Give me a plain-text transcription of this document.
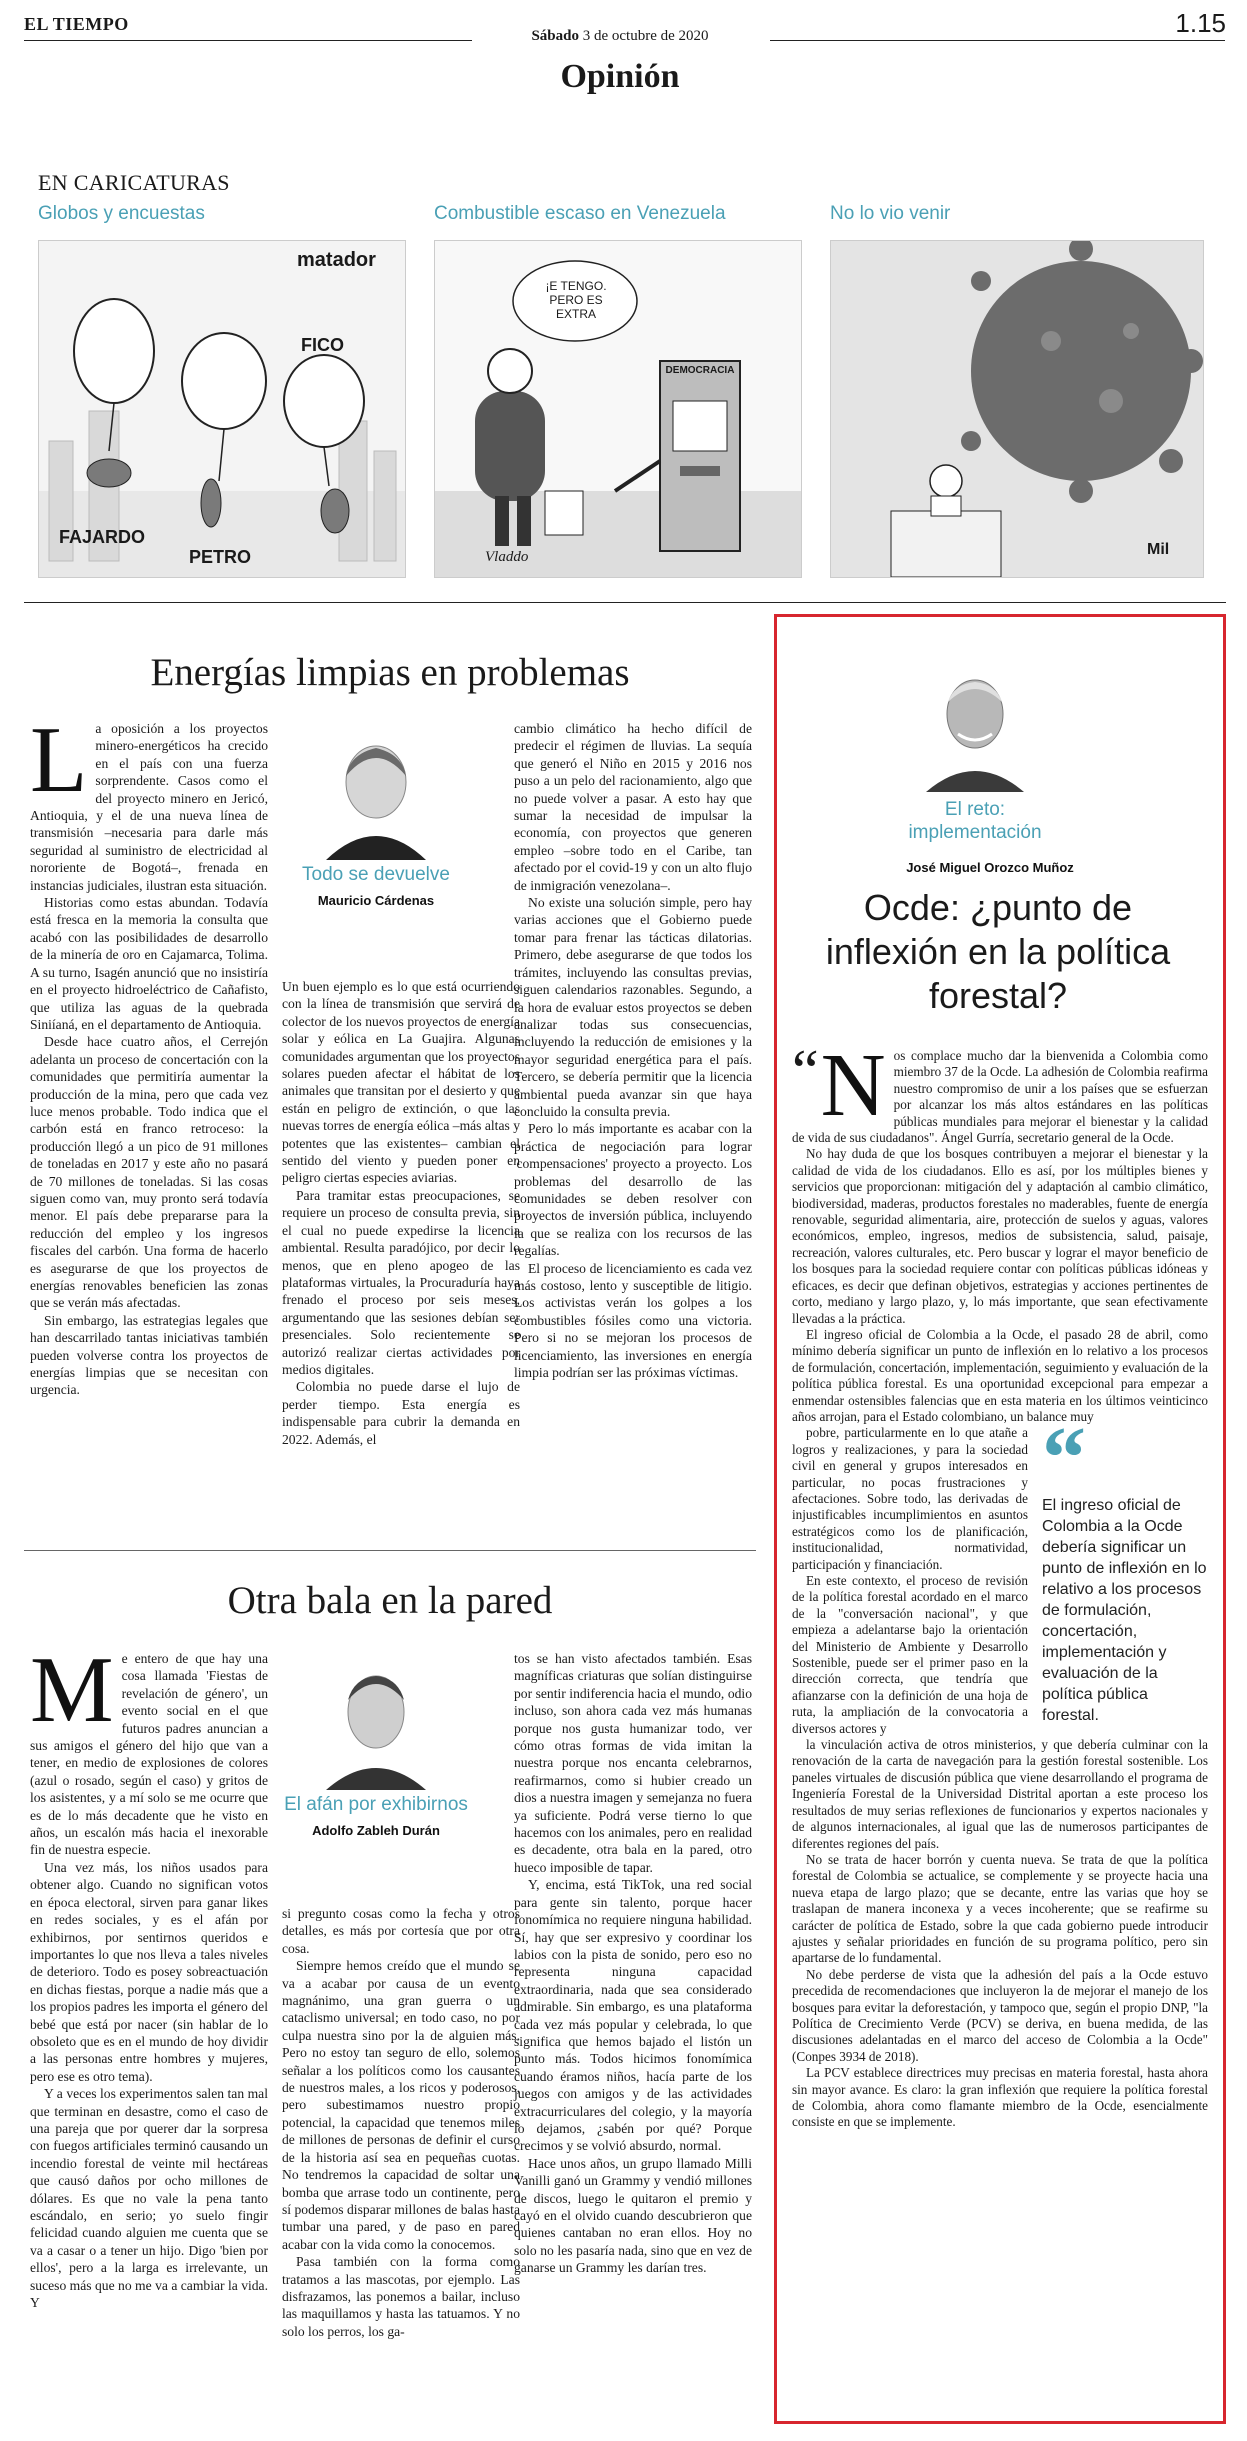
EL TIEMPO
Sábado 3 de octubre de 2020	1.15
Opinión
EN CARICATURAS
Globos y encuestas	Combustible escaso en Venezuela	No lo vio venir
matador
FICO
FAJARDO
PETRO
¡E TENGO. PERO ES EXTRA
DEMOCRACIA
Vladdo	Mil
Energías limpias en problemas
L a oposición a los proyectos minero-energéticos ha crecido en el país con una fuerza sorprendente. Casos como el del proyecto minero en Jericó, Antioquia, y el de una nueva línea de transmisión –necesaria para darle más seguridad al suministro de electricidad al nororiente de Bogotá–, frenada en instancias judiciales, ilustran esta situación.

Historias como estas abundan. Todavía está fresca en la memoria la consulta que acabó con las posibilidades de desarrollo de la minería de oro en Cajamarca, Tolima. A su turno, Isagén anunció que no insistiría en el proyecto hidroeléctrico de Cañafisto, que utiliza las aguas de la quebrada Siniíaná, en el departamento de Antioquia.

Desde hace cuatro años, el Cerrejón adelanta un proceso de concertación con la comunidades que permitiría aumentar la producción de la mina, pero que cada vez luce menos probable. Todo indica que el carbón está en franco retroceso: la producción llegó a un pico de 91 millones de toneladas en 2017 y este año no pasará de 70 millones de toneladas. Si las cosas siguen como van, muy pronto será todavía menor. El país debe prepararse para la reducción del empleo y los ingresos fiscales del carbón. Una forma de hacerlo es asegurarse de que los proyectos de energías renovables beneficien las zonas que se verán más afectadas.

Sin embargo, las estrategias legales que han descarrilado tantas iniciativas también pueden volverse contra los proyectos de energías limpias que se necesitan con urgencia.

Todo se devuelve
Mauricio Cárdenas

Un buen ejemplo es lo que está ocurriendo con la línea de transmisión que servirá de colector de los nuevos proyectos de energía solar y eólica en La Guajira. Algunas comunidades argumentan que los proyectos solares pueden afectar el hábitat de los animales que transitan por el desierto y que están en peligro de extinción, o que las nuevas torres de energía eólica –más altas y potentes que las existentes– cambian el sentido del viento y pueden poner en peligro ciertas especies aviarias.

Para tramitar estas preocupaciones, se requiere un proceso de consulta previa, sin el cual no puede expedirse la licencia ambiental. Resulta paradójico, por decir lo menos, que en pleno apogeo de las plataformas virtuales, la Procuraduría haya frenado el proceso por seis meses, argumentando que las sesiones debían ser presenciales. Solo recientemente se autorizó realizar ciertas actividades por medios digitales.

Colombia no puede darse el lujo de perder tiempo. Esta energía es indispensable para cubrir la demanda en 2022. Además, el

cambio climático ha hecho difícil de predecir el régimen de lluvias. La sequía que generó el Niño en 2015 y 2016 nos puso a un pelo del racionamiento, algo que no puede volver a pasar. A esto hay que sumar la necesidad de impulsar la economía, con proyectos que generen empleo –sobre todo en el Caribe, tan afectado por el covid-19 y con un alto flujo de inmigración venezolana–.

No existe una solución simple, pero hay varias acciones que el Gobierno puede tomar para frenar las tácticas dilatorias. Primero, debe asegurarse de que todos los trámites, incluyendo las consultas previas, siguen calendarios razonables. Segundo, a la hora de evaluar estos proyectos se deben analizar todas sus consecuencias, incluyendo la reducción de emisiones y la mayor seguridad energética para el país. Tercero, se debería permitir que la licencia ambiental pueda avanzar sin que haya concluido la consulta previa.

Pero lo más importante es acabar con la práctica de negociación para lograr 'compensaciones' proyecto a proyecto. Los problemas del desarrollo de las comunidades se deben resolver con proyectos de inversión pública, incluyendo la que se realiza con los recursos de las regalías.

El proceso de licenciamiento es cada vez más costoso, lento y susceptible de litigio. Los activistas verán los golpes a los combustibles fósiles como una victoria. Pero si no se mejoran los procesos de licenciamiento, las inversiones en energía limpia podrían ser las próximas víctimas.

Otra bala en la pared
M e entero de que hay una cosa llamada 'Fiestas de revelación de género', un evento social en el que futuros padres anuncian a sus amigos el género del hijo que van a tener, en medio de explosiones de colores (azul o rosado, según el caso) y gritos de los asistentes, y a mí solo se me ocurre que es de lo más decadente que he visto en años, un escalón más hacia el inexorable fin de nuestra especie.

Una vez más, los niños usados para obtener algo. Cuando no significan votos en época electoral, sirven para ganar likes en redes sociales, y es el afán por exhibirnos, por sentirnos queridos e importantes lo que nos lleva a tales niveles de deterioro. Todo es posey sobreactuación en dichas fiestas, porque a nadie más que a los propios padres les importa el género del bebé que está por nacer (sin hablar de lo obsoleto que es en el mundo de hoy dividir a las personas entre hombres y mujeres, pero ese es otro tema).

Y a veces los experimentos salen tan mal que terminan en desastre, como el caso de una pareja que por querer dar la sorpresa con fuegos artificiales terminó causando un incendio forestal de veinte mil hectáreas que causó daños por ocho millones de dólares. Es que no vale la pena tanto escándalo, en serio; yo suelo fingir felicidad cuando alguien me cuenta que se va a casar o a tener un hijo. Digo 'bien por ellos', pero a la larga es irrelevante, un suceso más que no me va a cambiar la vida. Y

El afán por exhibirnos
Adolfo Zableh Durán

si pregunto cosas como la fecha y otros detalles, es más por cortesía que por otra cosa.

Siempre hemos creído que el mundo se va a acabar por causa de un evento magnánimo, una gran guerra o un cataclismo universal; en todo caso, no por culpa nuestra sino por la de alguien más. Pero no estoy tan seguro de ello, solemos señalar a los políticos como los causantes de nuestros males, a los ricos y poderosos, pero subestimamos nuestro propio potencial, la capacidad que tenemos miles de millones de personas de definir el curso de la historia así sea en pequeñas cuotas. No tendremos la capacidad de soltar una bomba que arrase todo un continente, pero sí podemos disparar millones de balas hasta tumbar una pared, y de paso en pared acabar con la vida como la conocemos.

Pasa también con la forma como tratamos a las mascotas, por ejemplo. Las disfrazamos, las ponemos a bailar, incluso las maquillamos y hasta las tatuamos. Y no solo los perros, los ga-

tos se han visto afectados también. Esas magníficas criaturas que solían distinguirse por sentir indiferencia hacia el mundo, odio incluso, son ahora cada vez más humanas porque nos gusta humanizar todo, ver cómo otras formas de vida imitan la nuestra porque nos encanta celebrarnos, reafirmarnos, como si hubier creado un dios a nuestra imagen y semejanza no fuera ya suficiente. Podrá verse tierno lo que hacemos con los animales, pero en realidad es decadente, otra bala en la pared, otro hueco imposible de tapar.

Y, encima, está TikTok, una red social para gente sin talento, porque hacer fonomímica no requiere ninguna habilidad. Sí, hay que ser expresivo y coordinar los labios con la pista de sonido, pero eso no representa ninguna capacidad extraordinaria, nada que sea considerado admirable. Sin embargo, es una plataforma cada vez más popular y celebrada, lo que significa que hemos bajado el listón un punto más. Todos hicimos fonomímica cuando éramos niños, hacía parte de los juegos con amigos y de las actividades extracurriculares del colegio, y la mayoría lo dejamos, ¿sabén por qué? Porque crecimos y se volvió absurdo, normal.

Hace unos años, un grupo llamado Milli Vanilli ganó un Grammy y vendió millones de discos, luego le quitaron el premio y cayó en el olvido cuando descubrieron que quienes cantaban no eran ellos. Hoy no solo no les pasaría nada, sino que en vez de ganarse un Grammy les darían tres.

El reto: implementación
José Miguel Orozco Muñoz
Ocde: ¿punto de inflexión en la política forestal?
“ N os complace mucho dar la bienvenida a Colombia como miembro 37 de la Ocde. La adhesión de Colombia reafirma nuestro compromiso de unir a los países que se esfuerzan por alcanzar los más altos estándares en las políticas públicas mundiales para mejorar el bienestar y la calidad de vida de sus ciudadanos". Ángel Gurría, secretario general de la Ocde.

No hay duda de que los bosques contribuyen a mejorar el bienestar y la calidad de vida de los ciudadanos. Ello es así, por los múltiples bienes y servicios que proporcionan: mitigación del y adaptación al cambio climático, biodiversidad, maderas, productos forestales no maderables, fuente de energía renovable, seguridad alimentaria, aire, protección de suelos y aguas, valores económicos, empleo, ingresos, medios de subsistencia, salud, paisaje, recreación, valores culturales, etc. Pero buscar y lograr el mayor beneficio de los bosques para la sociedad requiere contar con políticas públicas idóneas y eficaces, es decir que definan objetivos, estrategias y acciones pertinentes de corto, mediano y largo plazo, y, lo más importante, que sean efectivamente llevadas a la práctica.

El ingreso oficial de Colombia a la Ocde, el pasado 28 de abril, como mínimo debería significar un punto de inflexión en lo relativo a los procesos de formulación, concertación, implementación, seguimiento y evaluación de la política pública forestal. Es una oportunidad excepcional para empezar a enmendar ostensibles falencias que en esta materia en los últimos veinticinco años arrojan, para el Estado colombiano, un balance muy

“
El ingreso oficial de Colombia a la Ocde debería significar un punto de inflexión en lo relativo a los procesos de formulación, concertación, implementación y evaluación de la política pública forestal.

pobre, particularmente en lo que atañe a logros y realizaciones, y para la sociedad civil en general y grupos interesados en particular, no pocas frustraciones y afectaciones. Sobre todo, las derivadas de injustificables incumplimientos en asuntos estratégicos como los de planificación, institucionalidad, normatividad, participación y financiación.

En este contexto, el proceso de revisión de la política forestal acordado en el marco de la "conversación nacional", y que empieza a adelantarse bajo la orientación del Ministerio de Ambiente y Desarrollo Sostenible, puede ser el primer paso en la dirección correcta, que tendría que afianzarse con la definición de una hoja de ruta, la ampliación de la convocatoria a diversos actores y

la vinculación activa de otros ministerios, y que debería culminar con la renovación de la carta de navegación para la gestión forestal sostenible. Los paneles virtuales de discusión pública que viene desarrollando el programa de Ingeniería Forestal de la Universidad Distrital aportan a este proceso los resultados de muy serias reflexiones de funcionarios y expertos nacionales y de algunos internacionales, al igual que las de numerosos participantes de diferentes regiones del país.

No se trata de hacer borrón y cuenta nueva. Se trata de que la política forestal de Colombia se actualice, se complemente y se proyecte hacia una nueva etapa de largo plazo; que se decante, entre las varias que hoy se traslapan de manera inconexa y a veces incoherente; que se reafirme su carácter de política de Estado, sobre la que cada gobierno puede introducir ajustes y señalar prioridades en función de su programa político, pero sin apartarse de lo fundamental.

No debe perderse de vista que la adhesión del país a la Ocde estuvo precedida de recomendaciones que incluyeron la de mejorar el manejo de los bosques para evitar la deforestación, y tampoco que, según el propio DNP, "la Política de Crecimiento Verde (PCV) se deriva, en buena medida, de las discusiones adelantadas en el marco del acceso de Colombia a la Ocde" (Conpes 3934 de 2018).

La PCV establece directrices muy precisas en materia forestal, hasta ahora sin mayor avance. Es claro: la gran inflexión que requiere la política forestal de Colombia, ahora como flamante miembro de la Ocde, esencialmente consiste en que se implemente.
